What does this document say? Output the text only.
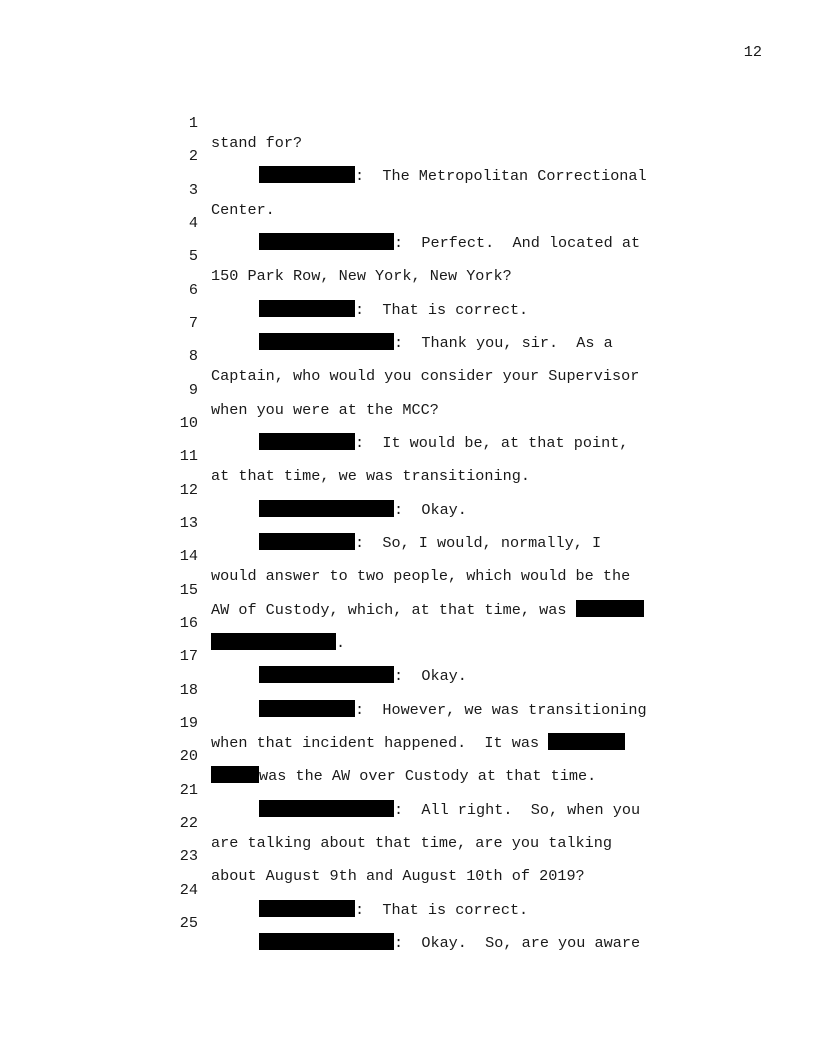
12

1

stand for?

2

:  The Metropolitan Correctional

3

Center.

4

:  Perfect.  And located at

5

150 Park Row, New York, New York?

6

:  That is correct.

7

:  Thank you, sir.  As a

8

Captain, who would you consider your Supervisor

9

when you were at the MCC?

10

:  It would be, at that point,

11

at that time, we was transitioning.

12

:  Okay.

13

:  So, I would, normally, I

14

would answer to two people, which would be the

15

AW of Custody, which, at that time, was

16

.

17

:  Okay.

18

:  However, we was transitioning

19

when that incident happened.  It was

20

was the AW over Custody at that time.

21

:  All right.  So, when you

22

are talking about that time, are you talking

23

about August 9th and August 10th of 2019?

24

:  That is correct.

25

:  Okay.  So, are you aware
